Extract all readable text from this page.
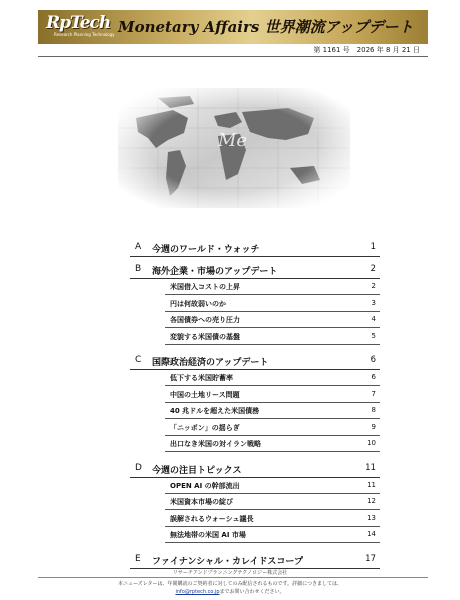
RpTech
Research Planning Technology Monetary Affairs 世界潮流アップデート
第 1161 号　2026 年 8 月 21 日
A 今週のワールド・ウォッチ	1
B 海外企業・市場のアップデート	2
米国借入コストの上昇	2
円は何故弱いのか	3
各国債券への売り圧力	4
変貌する米国債の基盤	5
C 国際政治経済のアップデート	6
低下する米国貯蓄率	6
中国の土地リース問題	7
40 兆ドルを超えた米国債務	8
「ニッポン」の揺らぎ	9
出口なき米国の対イラン戦略	10
D 今週の注目トピックス	11
OPEN AI の幹部流出	11
米国資本市場の綻び	12
誤解されるウォーシュ議長	13
無法地帯の米国 AI 市場	14
E ファイナンシャル・カレイドスコープ	17
リサーチアンドプランニングテクノロジー株式会社
本ニューズレターは、年間購読のご契約者に対してのみ配信されるものです。詳細につきましては、
info@rptech.co.jpまでお問い合わせください。
